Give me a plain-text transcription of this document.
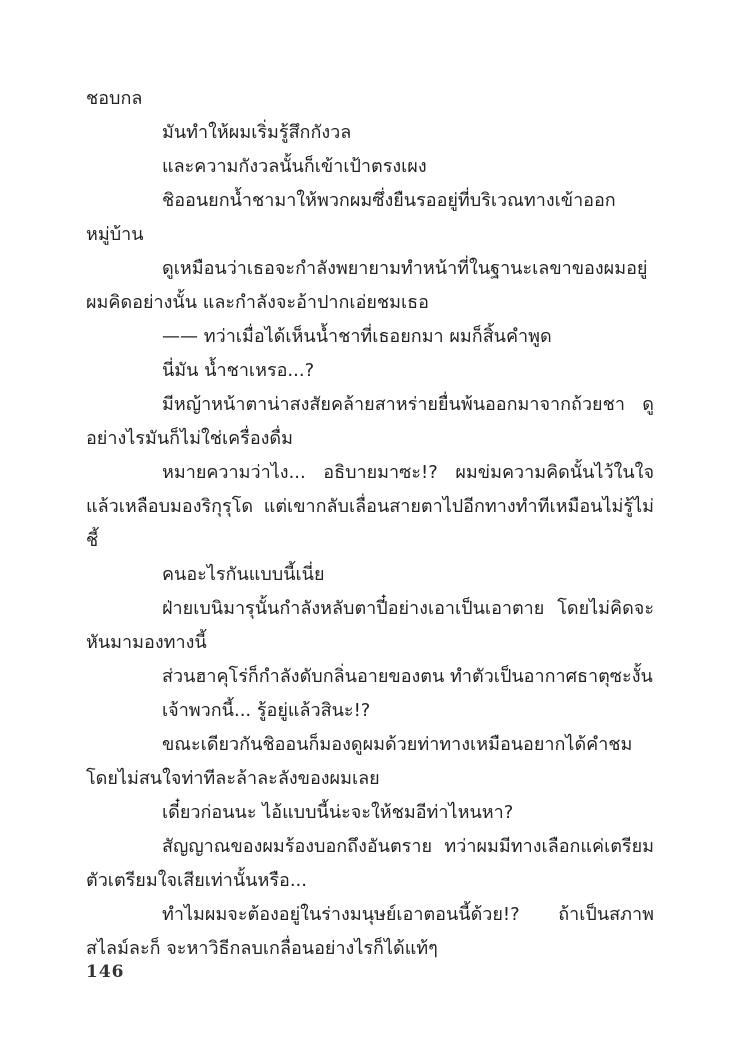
ชอบกล

มันทำให้ผมเริ่มรู้สึกกังวล

และความกังวลนั้นก็เข้าเป้าตรงเผง

ชิออนยกน้ำชามาให้พวกผมซึ่งยืนรออยู่ที่บริเวณทางเข้าออกหมู่บ้าน

ดูเหมือนว่าเธอจะกำลังพยายามทำหน้าที่ในฐานะเลขาของผมอยู่ ผมคิดอย่างนั้น และกำลังจะอ้าปากเอ่ยชมเธอ

—— ทว่าเมื่อได้เห็นน้ำชาที่เธอยกมา ผมก็สิ้นคำพูด

นี่มัน น้ำชาเหรอ...?

มีหญ้าหน้าตาน่าสงสัยคล้ายสาหร่ายยื่นพ้นออกมาจากถ้วยชา ดูอย่างไรมันก็ไม่ใช่เครื่องดื่ม

หมายความว่าไง... อธิบายมาซะ!? ผมข่มความคิดนั้นไว้ในใจแล้วเหลือบมองริกุรุโด แต่เขากลับเลื่อนสายตาไปอีกทางทำทีเหมือนไม่รู้ไม่ชี้

คนอะไรกันแบบนี้เนี่ย

ฝ่ายเบนิมารุนั้นกำลังหลับตาปี๋อย่างเอาเป็นเอาตาย โดยไม่คิดจะหันมามองทางนี้

ส่วนฮาคุโร่ก็กำลังดับกลิ่นอายของตน ทำตัวเป็นอากาศธาตุซะงั้น

เจ้าพวกนี้... รู้อยู่แล้วสินะ!?

ขณะเดียวกันชิออนก็มองดูผมด้วยท่าทางเหมือนอยากได้คำชม โดยไม่สนใจท่าทีละล้าละลังของผมเลย

เดี๋ยวก่อนนะ ไอ้แบบนี้น่ะจะให้ชมอีท่าไหนหา?

สัญญาณของผมร้องบอกถึงอันตราย ทว่าผมมีทางเลือกแค่เตรียมตัวเตรียมใจเสียเท่านั้นหรือ...

ทำไมผมจะต้องอยู่ในร่างมนุษย์เอาตอนนี้ด้วย!? ถ้าเป็นสภาพสไลม์ละก็ จะหาวิธีกลบเกลื่อนอย่างไรก็ได้แท้ๆ

146
